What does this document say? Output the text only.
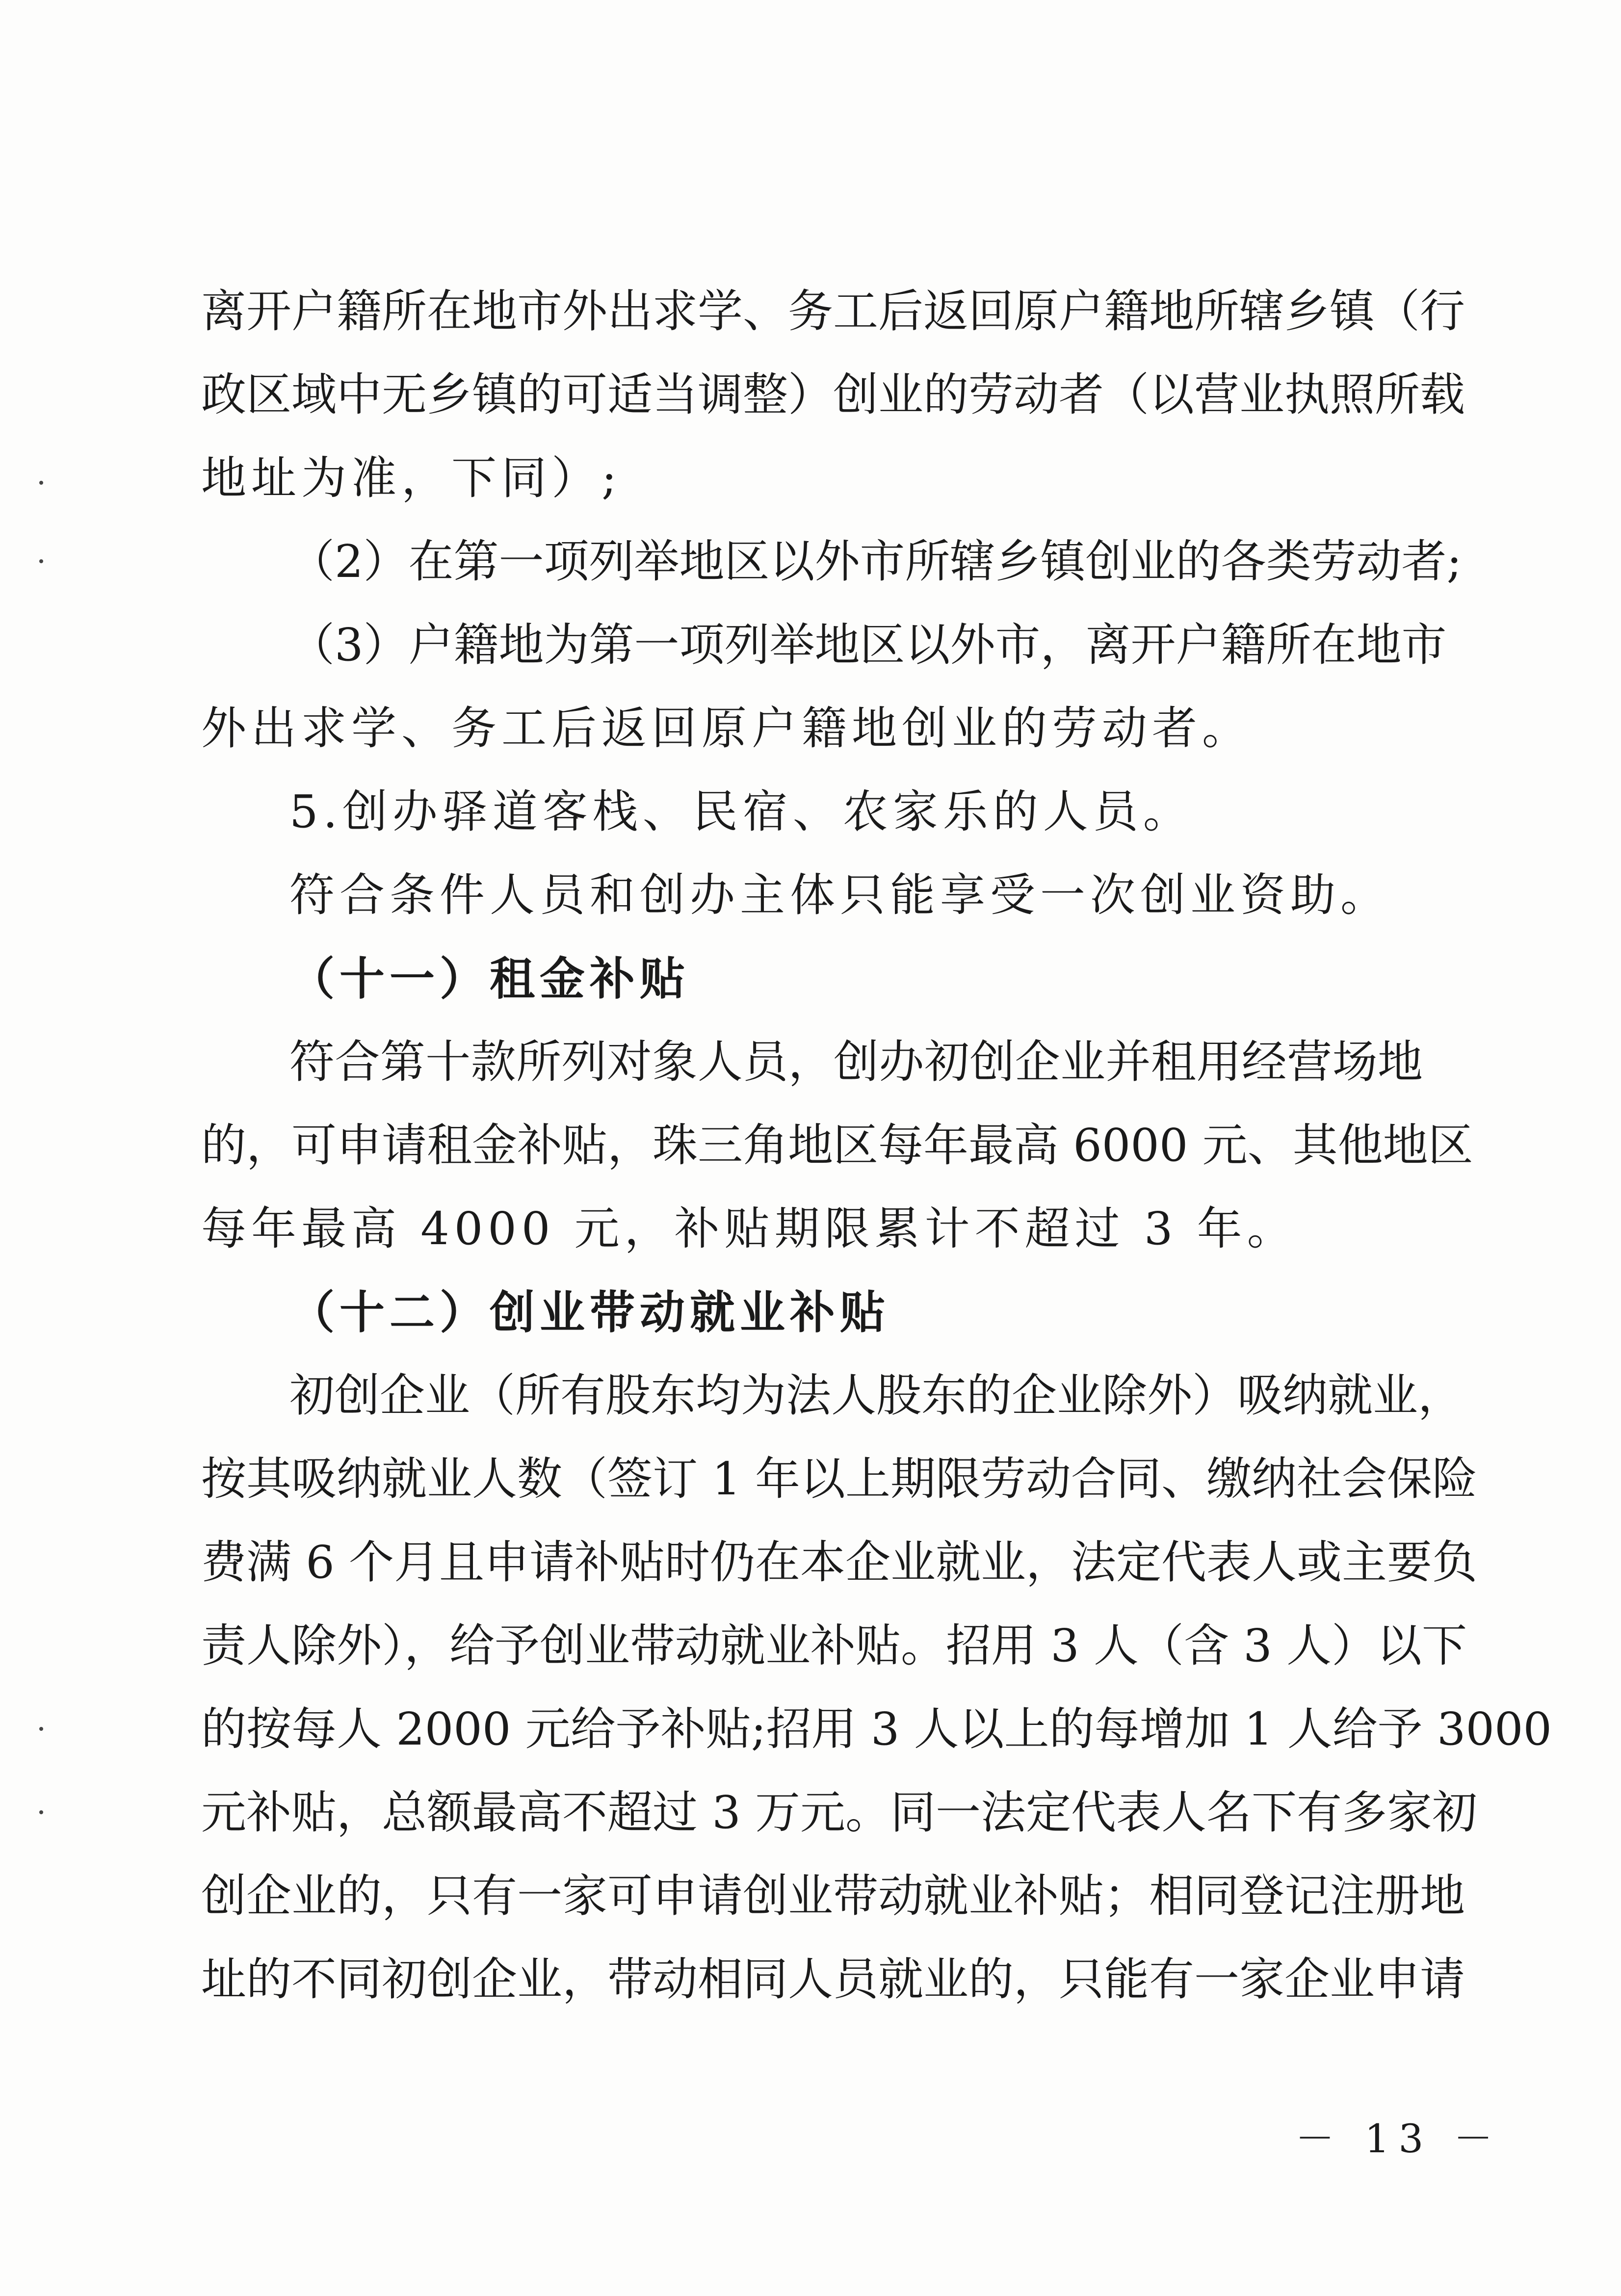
离开户籍所在地市外出求学、务工后返回原户籍地所辖乡镇（行
政区域中无乡镇的可适当调整）创业的劳动者（以营业执照所载
地址为准，下同）;
（2）在第一项列举地区以外市所辖乡镇创业的各类劳动者;
（3）户籍地为第一项列举地区以外市，离开户籍所在地市
外出求学、务工后返回原户籍地创业的劳动者。
5.创办驿道客栈、民宿、农家乐的人员。
符合条件人员和创办主体只能享受一次创业资助。
（十一）租金补贴
符合第十款所列对象人员，创办初创企业并租用经营场地
的，可申请租金补贴，珠三角地区每年最高 6000 元、其他地区
每年最高 4000 元，补贴期限累计不超过 3 年。
（十二）创业带动就业补贴
初创企业（所有股东均为法人股东的企业除外）吸纳就业，
按其吸纳就业人数（签订 1 年以上期限劳动合同、缴纳社会保险
费满 6 个月且申请补贴时仍在本企业就业，法定代表人或主要负
责人除外），给予创业带动就业补贴。招用 3 人（含 3 人）以下
的按每人 2000 元给予补贴;招用 3 人以上的每增加 1 人给予 3000
元补贴，总额最高不超过 3 万元。同一法定代表人名下有多家初
创企业的，只有一家可申请创业带动就业补贴；相同登记注册地
址的不同初创企业，带动相同人员就业的，只能有一家企业申请
－ 13 －
